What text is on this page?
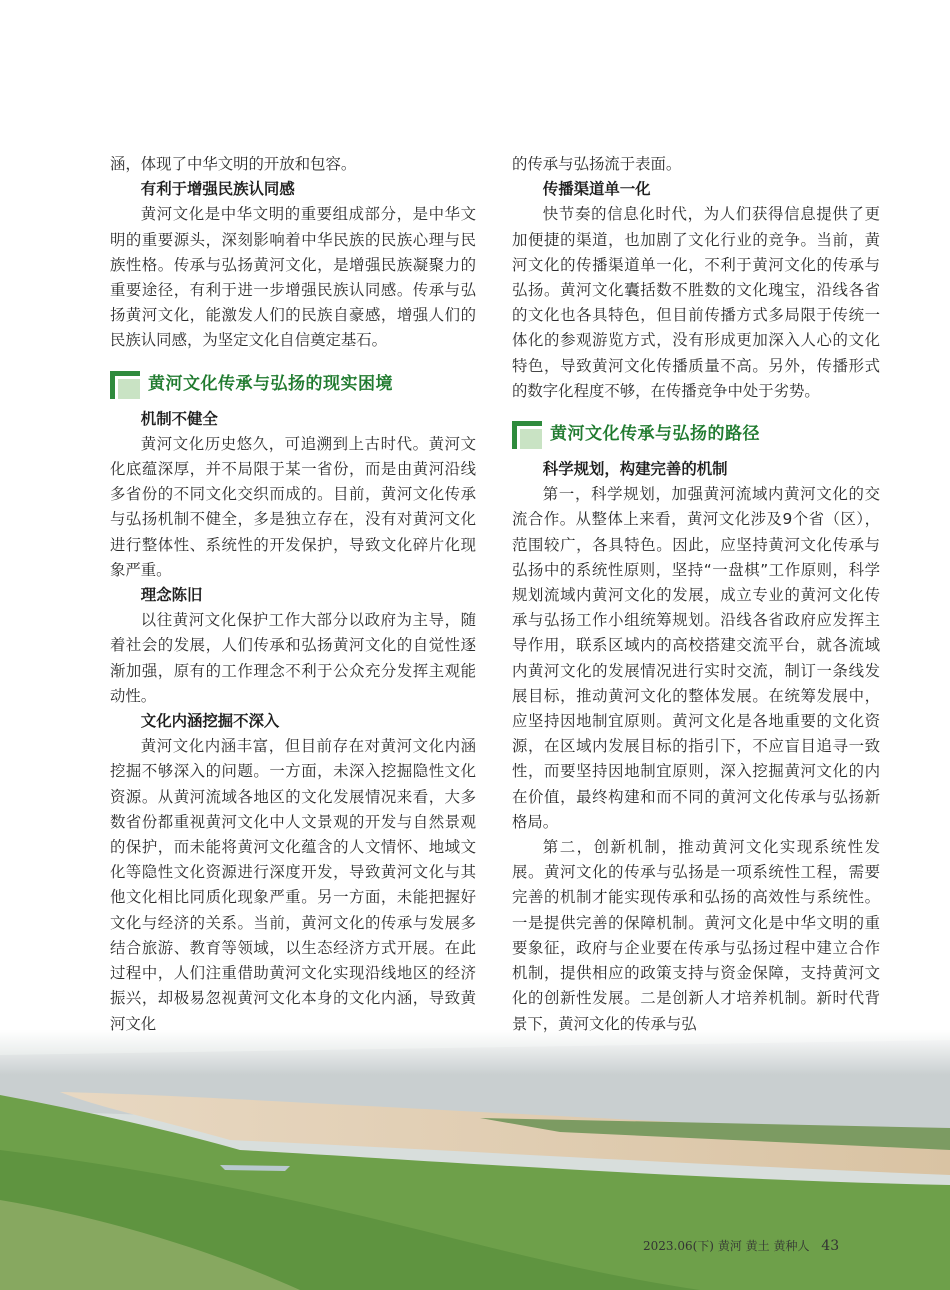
涵，体现了中华文明的开放和包容。

有利于增强民族认同感

黄河文化是中华文明的重要组成部分，是中华文明的重要源头，深刻影响着中华民族的民族心理与民族性格。传承与弘扬黄河文化，是增强民族凝聚力的重要途径，有利于进一步增强民族认同感。传承与弘扬黄河文化，能激发人们的民族自豪感，增强人们的民族认同感，为坚定文化自信奠定基石。

黄河文化传承与弘扬的现实困境

机制不健全

黄河文化历史悠久，可追溯到上古时代。黄河文化底蕴深厚，并不局限于某一省份，而是由黄河沿线多省份的不同文化交织而成的。目前，黄河文化传承与弘扬机制不健全，多是独立存在，没有对黄河文化进行整体性、系统性的开发保护，导致文化碎片化现象严重。

理念陈旧

以往黄河文化保护工作大部分以政府为主导，随着社会的发展，人们传承和弘扬黄河文化的自觉性逐渐加强，原有的工作理念不利于公众充分发挥主观能动性。

文化内涵挖掘不深入

黄河文化内涵丰富，但目前存在对黄河文化内涵挖掘不够深入的问题。一方面，未深入挖掘隐性文化资源。从黄河流域各地区的文化发展情况来看，大多数省份都重视黄河文化中人文景观的开发与自然景观的保护，而未能将黄河文化蕴含的人文情怀、地域文化等隐性文化资源进行深度开发，导致黄河文化与其他文化相比同质化现象严重。另一方面，未能把握好文化与经济的关系。当前，黄河文化的传承与发展多结合旅游、教育等领域，以生态经济方式开展。在此过程中，人们注重借助黄河文化实现沿线地区的经济振兴，却极易忽视黄河文化本身的文化内涵，导致黄河文化

的传承与弘扬流于表面。

传播渠道单一化

快节奏的信息化时代，为人们获得信息提供了更加便捷的渠道，也加剧了文化行业的竞争。当前，黄河文化的传播渠道单一化，不利于黄河文化的传承与弘扬。黄河文化囊括数不胜数的文化瑰宝，沿线各省的文化也各具特色，但目前传播方式多局限于传统一体化的参观游览方式，没有形成更加深入人心的文化特色，导致黄河文化传播质量不高。另外，传播形式的数字化程度不够，在传播竞争中处于劣势。

黄河文化传承与弘扬的路径

科学规划，构建完善的机制

第一，科学规划，加强黄河流域内黄河文化的交流合作。从整体上来看，黄河文化涉及9个省（区），范围较广，各具特色。因此，应坚持黄河文化传承与弘扬中的系统性原则，坚持“一盘棋”工作原则，科学规划流域内黄河文化的发展，成立专业的黄河文化传承与弘扬工作小组统筹规划。沿线各省政府应发挥主导作用，联系区域内的高校搭建交流平台，就各流域内黄河文化的发展情况进行实时交流，制订一条线发展目标，推动黄河文化的整体发展。在统筹发展中，应坚持因地制宜原则。黄河文化是各地重要的文化资源，在区域内发展目标的指引下，不应盲目追寻一致性，而要坚持因地制宜原则，深入挖掘黄河文化的内在价值，最终构建和而不同的黄河文化传承与弘扬新格局。

第二，创新机制，推动黄河文化实现系统性发展。黄河文化的传承与弘扬是一项系统性工程，需要完善的机制才能实现传承和弘扬的高效性与系统性。一是提供完善的保障机制。黄河文化是中华文明的重要象征，政府与企业要在传承与弘扬过程中建立合作机制，提供相应的政策支持与资金保障，支持黄河文化的创新性发展。二是创新人才培养机制。新时代背景下，黄河文化的传承与弘

2023.06(下) 黄河 黄土 黄种人 43
